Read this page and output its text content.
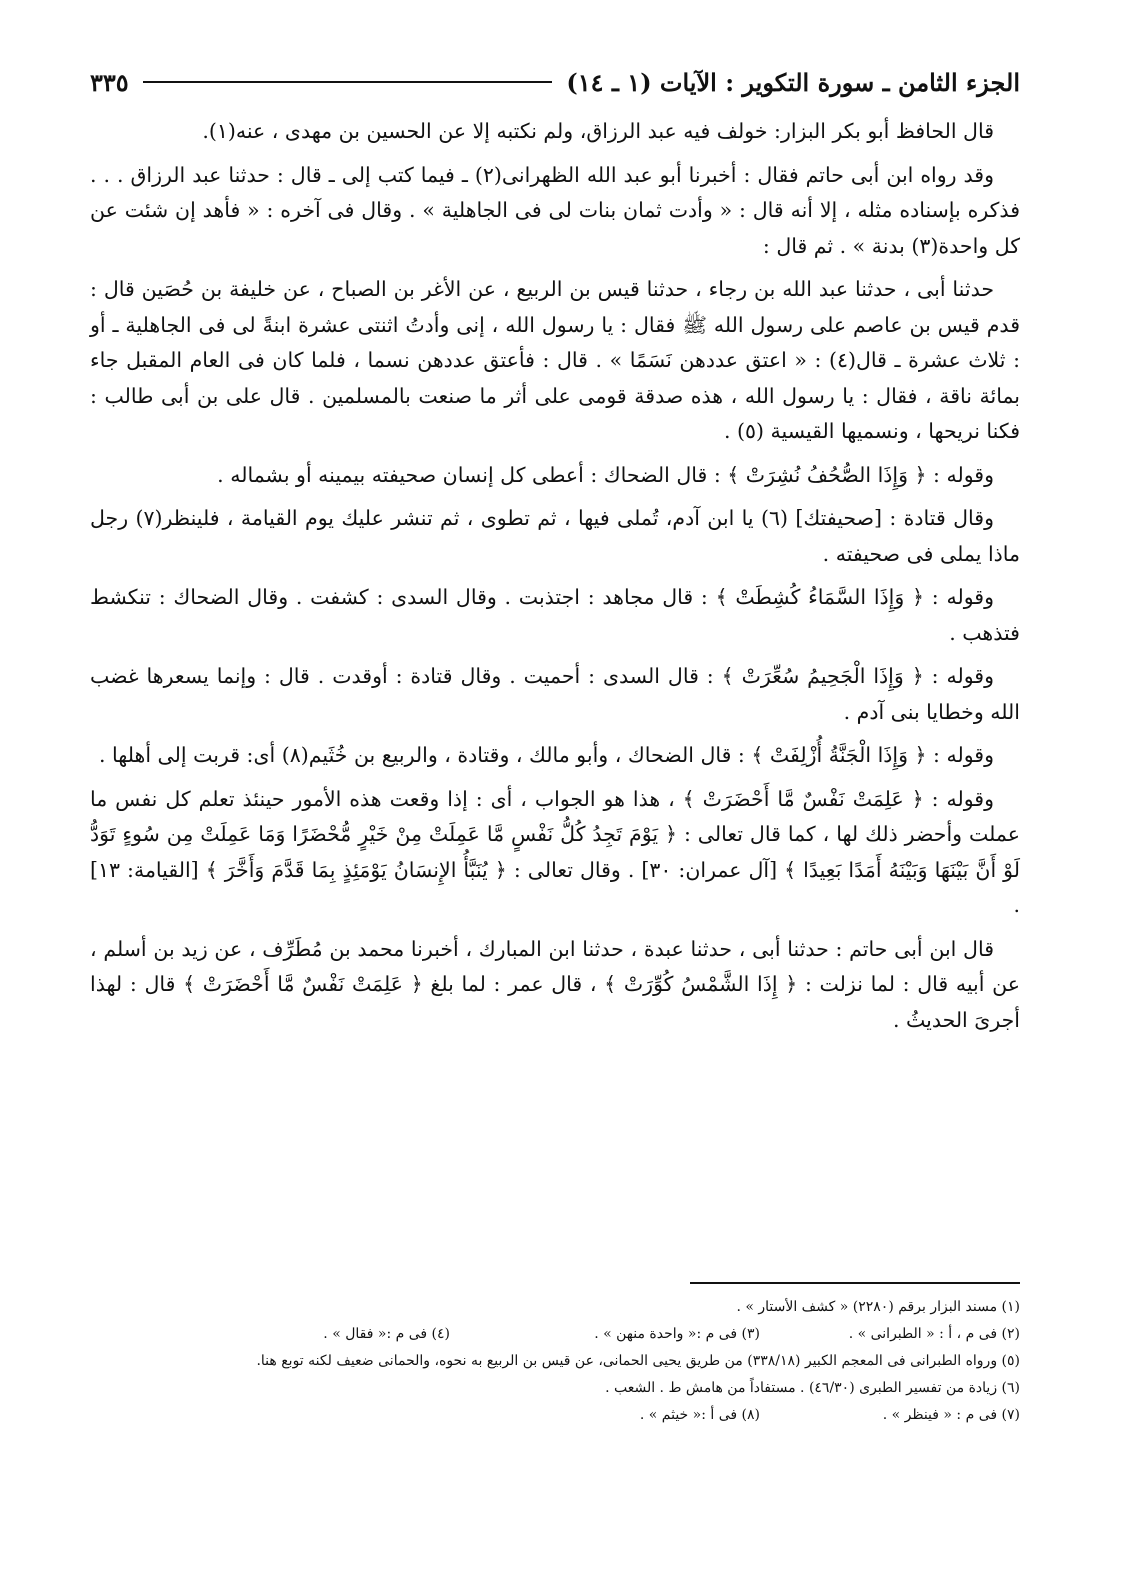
الجزء الثامن ـ سورة التكوير : الآيات (١ ـ ١٤)
٣٣٥

قال الحافظ أبو بكر البزار: خولف فيه عبد الرزاق، ولم نكتبه إلا عن الحسين بن مهدى ، عنه(١).

وقد رواه ابن أبى حاتم فقال : أخبرنا أبو عبد الله الظهرانى(٢) ـ فيما كتب إلى ـ قال : حدثنا عبد الرزاق . . . فذكره بإسناده مثله ، إلا أنه قال : « وأدت ثمان بنات لى فى الجاهلية » . وقال فى آخره : « فأهد إن شئت عن كل واحدة(٣) بدنة » . ثم قال :

حدثنا أبى ، حدثنا عبد الله بن رجاء ، حدثنا قيس بن الربيع ، عن الأغر بن الصباح ، عن خليفة بن حُصَين قال : قدم قيس بن عاصم على رسول الله ﷺ فقال : يا رسول الله ، إنى وأدتُ اثنتى عشرة ابنةً لى فى الجاهلية ـ أو : ثلاث عشرة ـ قال(٤) : « اعتق عددهن نَسَمًا » . قال : فأعتق عددهن نسما ، فلما كان فى العام المقبل جاء بمائة ناقة ، فقال : يا رسول الله ، هذه صدقة قومى على أثر ما صنعت بالمسلمين . قال على بن أبى طالب : فكنا نريحها ، ونسميها القيسية (٥) .

وقوله : ﴿ وَإِذَا الصُّحُفُ نُشِرَتْ ﴾ : قال الضحاك : أعطى كل إنسان صحيفته بيمينه أو بشماله .

وقال قتادة : [صحيفتك] (٦) يا ابن آدم، تُملى فيها ، ثم تطوى ، ثم تنشر عليك يوم القيامة ، فلينظر(٧) رجل ماذا يملى فى صحيفته .

وقوله : ﴿ وَإِذَا السَّمَاءُ كُشِطَتْ ﴾ : قال مجاهد : اجتذبت . وقال السدى : كشفت . وقال الضحاك : تنكشط فتذهب .

وقوله : ﴿ وَإِذَا الْجَحِيمُ سُعِّرَتْ ﴾ : قال السدى : أحميت . وقال قتادة : أوقدت . قال : وإنما يسعرها غضب الله وخطايا بنى آدم .

وقوله : ﴿ وَإِذَا الْجَنَّةُ أُزْلِفَتْ ﴾ : قال الضحاك ، وأبو مالك ، وقتادة ، والربيع بن خُثَيم(٨) أى: قربت إلى أهلها .

وقوله : ﴿ عَلِمَتْ نَفْسٌ مَّا أَحْضَرَتْ ﴾ ، هذا هو الجواب ، أى : إذا وقعت هذه الأمور حينئذ تعلم كل نفس ما عملت وأحضر ذلك لها ، كما قال تعالى : ﴿ يَوْمَ تَجِدُ كُلُّ نَفْسٍ مَّا عَمِلَتْ مِنْ خَيْرٍ مُّحْضَرًا وَمَا عَمِلَتْ مِن سُوءٍ تَوَدُّ لَوْ أَنَّ بَيْنَهَا وَبَيْنَهُ أَمَدًا بَعِيدًا ﴾ [آل عمران: ٣٠] . وقال تعالى : ﴿ يُنَبَّأُ الإِنسَانُ يَوْمَئِذٍ بِمَا قَدَّمَ وَأَخَّرَ ﴾ [القيامة: ١٣] .

قال ابن أبى حاتم : حدثنا أبى ، حدثنا عبدة ، حدثنا ابن المبارك ، أخبرنا محمد بن مُطَرِّف ، عن زيد بن أسلم ، عن أبيه قال : لما نزلت : ﴿ إِذَا الشَّمْسُ كُوِّرَتْ ﴾ ، قال عمر : لما بلغ ﴿ عَلِمَتْ نَفْسٌ مَّا أَحْضَرَتْ ﴾ قال : لهذا أجرىَ الحديثُ .

(١) مسند البزار برقم (٢٢٨٠) « كشف الأستار » .
(٢) فى م ، أ : « الطبرانى » .
(٣) فى م :« واحدة منهن » .
(٤) فى م :« فقال » .
(٥) ورواه الطبرانى فى المعجم الكبير (٣٣٨/١٨) من طريق يحيى الحمانى، عن قيس بن الربيع به نحوه، والحمانى ضعيف لكنه توبع هنا.
(٦) زيادة من تفسير الطبرى (٤٦/٣٠) . مستفاداً من هامش ط . الشعب .
(٧) فى م : « فينظر » .
(٨) فى أ :« خيثم » .
